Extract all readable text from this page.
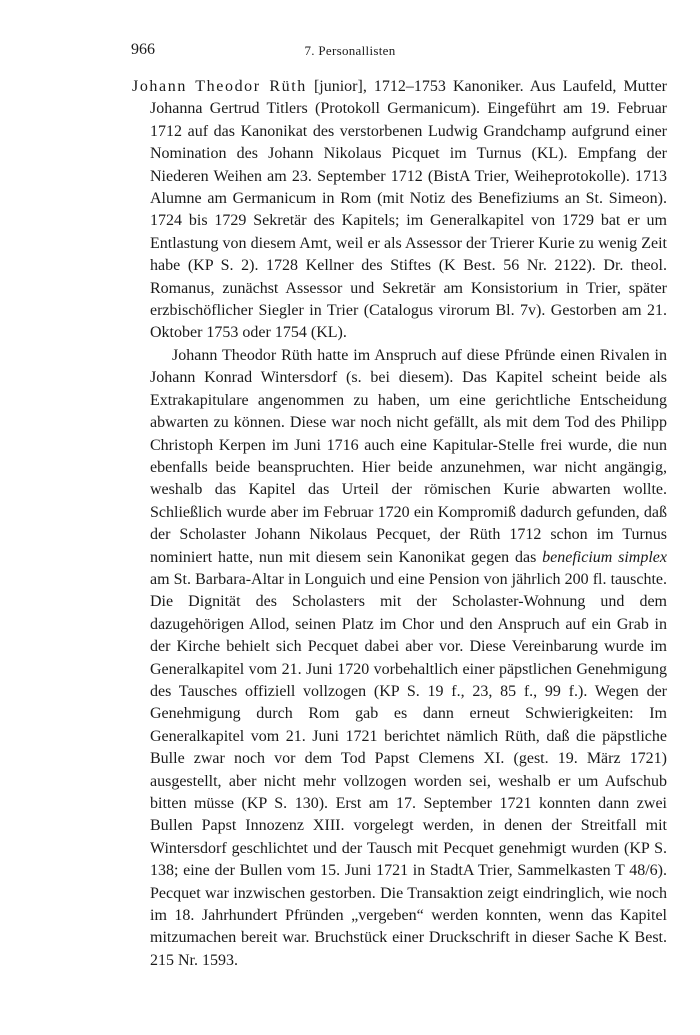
966	7. Personallisten

Johann Theodor Rüth [junior], 1712–1753 Kanoniker. Aus Laufeld, Mutter Johanna Gertrud Titlers (Protokoll Germanicum). Eingeführt am 19. Februar 1712 auf das Kanonikat des verstorbenen Ludwig Grandchamp aufgrund einer Nomination des Johann Nikolaus Picquet im Turnus (KL). Empfang der Niederen Weihen am 23. September 1712 (BistA Trier, Weiheprotokolle). 1713 Alumne am Germanicum in Rom (mit Notiz des Benefiziums an St. Simeon). 1724 bis 1729 Sekretär des Kapitels; im Generalkapitel von 1729 bat er um Entlastung von diesem Amt, weil er als Assessor der Trierer Kurie zu wenig Zeit habe (KP S. 2). 1728 Kellner des Stiftes (K Best. 56 Nr. 2122). Dr. theol. Romanus, zunächst Assessor und Sekretär am Konsistorium in Trier, später erzbischöflicher Siegler in Trier (Catalogus virorum Bl. 7v). Gestorben am 21. Oktober 1753 oder 1754 (KL).

Johann Theodor Rüth hatte im Anspruch auf diese Pfründe einen Rivalen in Johann Konrad Wintersdorf (s. bei diesem). Das Kapitel scheint beide als Extrakapitulare angenommen zu haben, um eine gerichtliche Entscheidung abwarten zu können. Diese war noch nicht gefällt, als mit dem Tod des Philipp Christoph Kerpen im Juni 1716 auch eine Kapitular-Stelle frei wurde, die nun ebenfalls beide beanspruchten. Hier beide anzunehmen, war nicht angängig, weshalb das Kapitel das Urteil der römischen Kurie abwarten wollte. Schließlich wurde aber im Februar 1720 ein Kompromiß dadurch gefunden, daß der Scholaster Johann Nikolaus Pecquet, der Rüth 1712 schon im Turnus nominiert hatte, nun mit diesem sein Kanonikat gegen das beneficium simplex am St. Barbara-Altar in Longuich und eine Pension von jährlich 200 fl. tauschte. Die Dignität des Scholasters mit der Scholaster-Wohnung und dem dazugehörigen Allod, seinen Platz im Chor und den Anspruch auf ein Grab in der Kirche behielt sich Pecquet dabei aber vor. Diese Vereinbarung wurde im Generalkapitel vom 21. Juni 1720 vorbehaltlich einer päpstlichen Genehmigung des Tausches offiziell vollzogen (KP S. 19 f., 23, 85 f., 99 f.). Wegen der Genehmigung durch Rom gab es dann erneut Schwierigkeiten: Im Generalkapitel vom 21. Juni 1721 berichtet nämlich Rüth, daß die päpstliche Bulle zwar noch vor dem Tod Papst Clemens XI. (gest. 19. März 1721) ausgestellt, aber nicht mehr vollzogen worden sei, weshalb er um Aufschub bitten müsse (KP S. 130). Erst am 17. September 1721 konnten dann zwei Bullen Papst Innozenz XIII. vorgelegt werden, in denen der Streitfall mit Wintersdorf geschlichtet und der Tausch mit Pecquet genehmigt wurden (KP S. 138; eine der Bullen vom 15. Juni 1721 in StadtA Trier, Sammelkasten T 48/6). Pecquet war inzwischen gestorben. Die Transaktion zeigt eindringlich, wie noch im 18. Jahrhundert Pfründen „vergeben“ werden konnten, wenn das Kapitel mitzumachen bereit war. Bruchstück einer Druckschrift in dieser Sache K Best. 215 Nr. 1593.
